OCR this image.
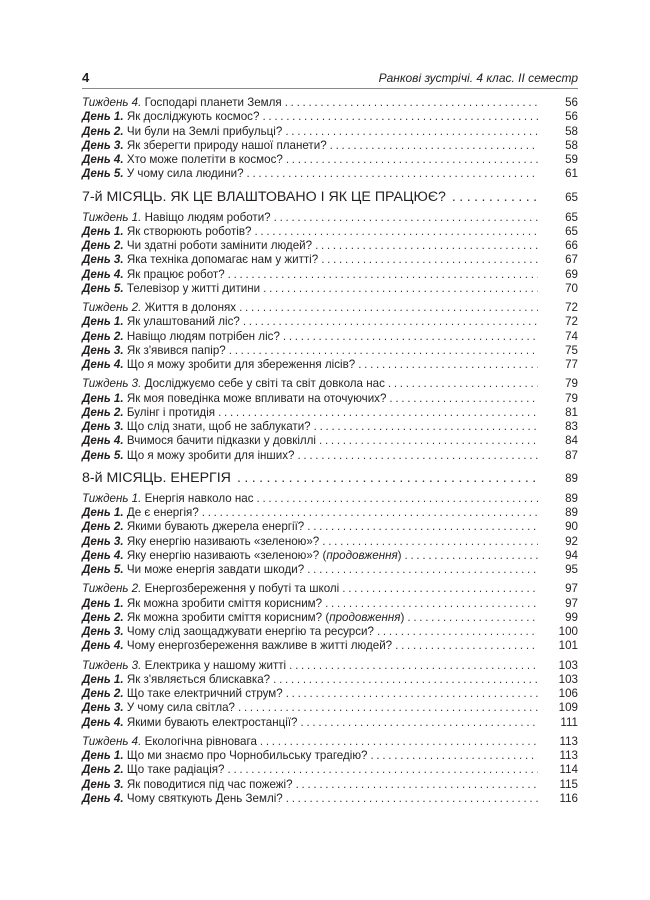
4	Ранкові зустрічі. 4 клас. ІІ семестр
Тиждень 4. Господарі планети Земля . . .	56
День 1. Як досліджують космос? . . .	56
День 2. Чи були на Землі прибульці? . . .	58
День 3. Як зберегти природу нашої планети? . . .	58
День 4. Хто може полетіти в космос? . . .	59
День 5. У чому сила людини? . . .	61
7-й МІСЯЦЬ. ЯК ЦЕ ВЛАШТОВАНО І ЯК ЦЕ ПРАЦЮЄ? . . .	65
Тиждень 1. Навіщо людям роботи? . . .	65
День 1. Як створюють роботів? . . .	65
День 2. Чи здатні роботи замінити людей? . . .	66
День 3. Яка техніка допомагає нам у житті? . . .	67
День 4. Як працює робот? . . .	69
День 5. Телевізор у житті дитини . . .	70
Тиждень 2. Життя в долонях . . .	72
День 1. Як улаштований ліс? . . .	72
День 2. Навіщо людям потрібен ліс? . . .	74
День 3. Як з'явився папір? . . .	75
День 4. Що я можу зробити для збереження лісів? . . .	77
Тиждень 3. Досліджуємо себе у світі та світ довкола нас . . .	79
День 1. Як моя поведінка може впливати на оточуючих? . . .	79
День 2. Булінг і протидія . . .	81
День 3. Що слід знати, щоб не заблукати? . . .	83
День 4. Вчимося бачити підказки у довкіллі . . .	84
День 5. Що я можу зробити для інших? . . .	87
8-й МІСЯЦЬ. ЕНЕРГІЯ . . .	89
Тиждень 1. Енергія навколо нас . . .	89
День 1. Де є енергія? . . .	89
День 2. Якими бувають джерела енергії? . . .	90
День 3. Яку енергію називають «зеленою»? . . .	92
День 4. Яку енергію називають «зеленою»? (продовження) . . .	94
День 5. Чи може енергія завдати шкоди? . . .	95
Тиждень 2. Енергозбереження у побуті та школі . . .	97
День 1. Як можна зробити сміття корисним? . . .	97
День 2. Як можна зробити сміття корисним? (продовження) . . .	99
День 3. Чому слід заощаджувати енергію та ресурси? . . .	100
День 4. Чому енергозбереження важливе в житті людей? . . .	101
Тиждень 3. Електрика у нашому житті . . .	103
День 1. Як з'являється блискавка? . . .	103
День 2. Що таке електричний струм? . . .	106
День 3. У чому сила світла? . . .	109
День 4. Якими бувають електростанції? . . .	111
Тиждень 4. Екологічна рівновага . . .	113
День 1. Що ми знаємо про Чорнобильську трагедію? . . .	113
День 2. Що таке радіація? . . .	114
День 3. Як поводитися під час пожежі? . . .	115
День 4. Чому святкують День Землі? . . .	116
